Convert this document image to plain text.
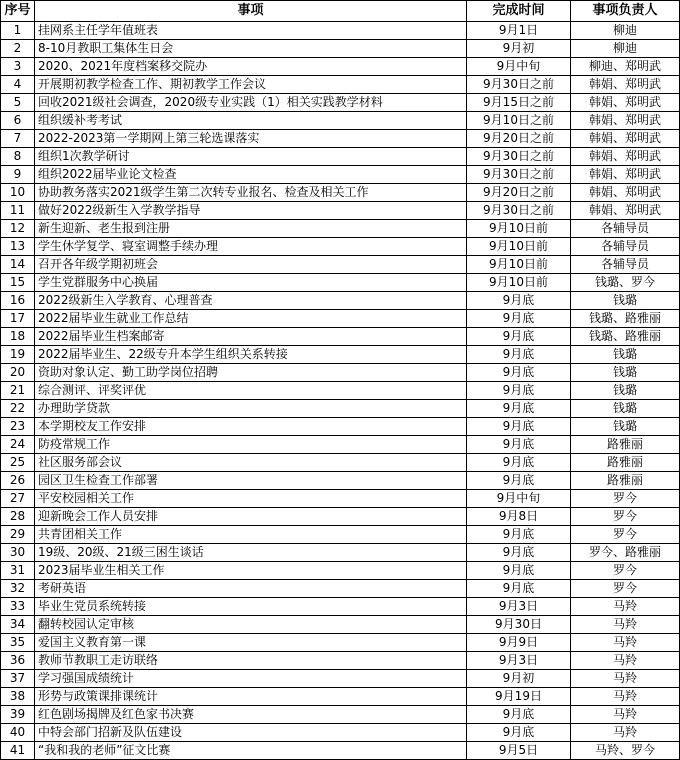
序号	事项	完成时间	事项负责人
1	挂网系主任学年值班表	9月1日	柳迪
2	8-10月教职工集体生日会	9月初	柳迪
3	2020、2021年度档案移交院办	9月中旬	柳迪、郑明武
4	开展期初教学检查工作、期初教学工作会议	9月30日之前	韩娟、郑明武
5	回收2021级社会调查，2020级专业实践（1）相关实践教学材料	9月15日之前	韩娟、郑明武
6	组织缓补考考试	9月10日之前	韩娟、郑明武
7	2022-2023第一学期网上第三轮选课落实	9月20日之前	韩娟、郑明武
8	组织1次教学研讨	9月30日之前	韩娟、郑明武
9	组织2022届毕业论文检查	9月30日之前	韩娟、郑明武
10	协助教务落实2021级学生第二次转专业报名、检查及相关工作	9月20日之前	韩娟、郑明武
11	做好2022级新生入学教学指导	9月30日之前	韩娟、郑明武
12	新生迎新、老生报到注册	9月10日前	各辅导员
13	学生休学复学、寝室调整手续办理	9月10日前	各辅导员
14	召开各年级学期初班会	9月10日前	各辅导员
15	学生党群服务中心换届	9月10日前	钱璐、罗今
16	2022级新生入学教育、心理普查	9月底	钱璐
17	2022届毕业生就业工作总结	9月底	钱璐、路雅丽
18	2022届毕业生档案邮寄	9月底	钱璐、路雅丽
19	2022届毕业生、22级专升本学生组织关系转接	9月底	钱璐
20	资助对象认定、勤工助学岗位招聘	9月底	钱璐
21	综合测评、评奖评优	9月底	钱璐
22	办理助学贷款	9月底	钱璐
23	本学期校友工作安排	9月底	钱璐
24	防疫常规工作	9月底	路雅丽
25	社区服务部会议	9月底	路雅丽
26	园区卫生检查工作部署	9月底	路雅丽
27	平安校园相关工作	9月中旬	罗今
28	迎新晚会工作人员安排	9月8日	罗今
29	共青团相关工作	9月底	罗今
30	19级、20级、21级三困生谈话	9月底	罗今、路雅丽
31	2023届毕业生相关工作	9月底	罗今
32	考研英语	9月底	罗今
33	毕业生党员系统转接	9月3日	马羚
34	翻转校园认定审核	9月30日	马羚
35	爱国主义教育第一课	9月9日	马羚
36	教师节教职工走访联络	9月3日	马羚
37	学习强国成绩统计	9月初	马羚
38	形势与政策课排课统计	9月19日	马羚
39	红色剧场揭牌及红色家书决赛	9月底	马羚
40	中特会部门招新及队伍建设	9月底	马羚
41	“我和我的老师”征文比赛	9月5日	马羚、罗今
